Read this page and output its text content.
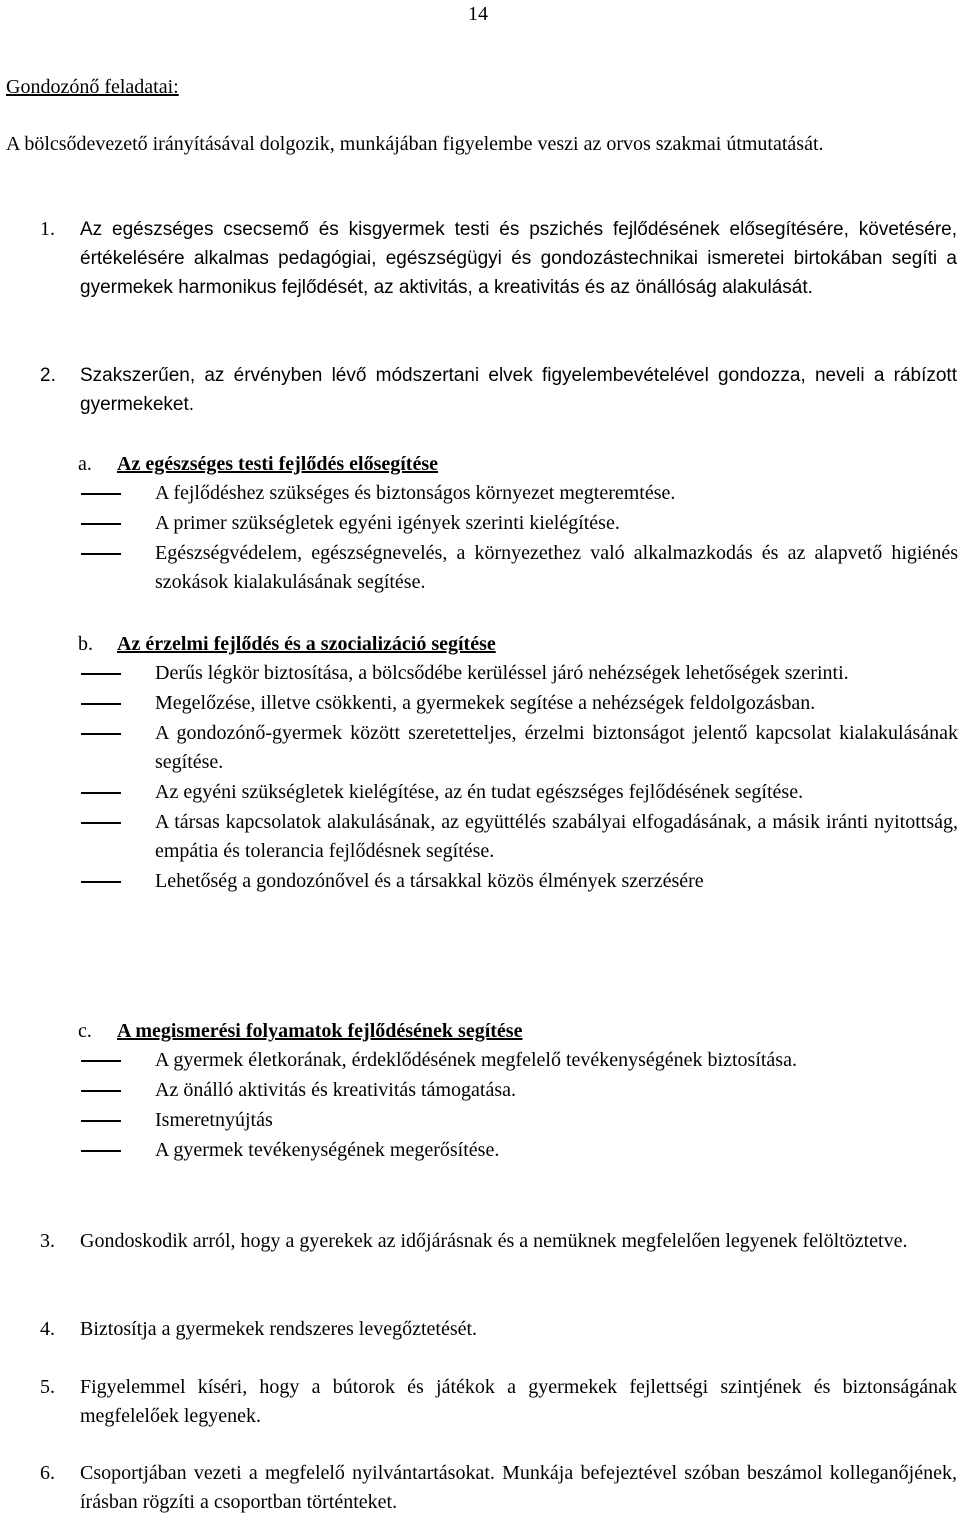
14
Gondozónő feladatai:
A bölcsődevezető irányításával dolgozik, munkájában figyelembe veszi az orvos szakmai útmutatását.
1. Az egészséges csecsemő és kisgyermek testi és pszichés fejlődésének elősegítésére, követésére, értékelésére alkalmas pedagógiai, egészségügyi és gondozástechnikai ismeretei birtokában segíti a gyermekek harmonikus fejlődését, az aktivitás, a kreativitás és az önállóság alakulását.
2. Szakszerűen, az érvényben lévő módszertani elvek figyelembevételével gondozza, neveli a rábízott gyermekeket.
a. Az egészséges testi fejlődés elősegítése
A fejlődéshez szükséges és biztonságos környezet megteremtése.
A primer szükségletek egyéni igények szerinti kielégítése.
Egészségvédelem, egészségnevelés, a környezethez való alkalmazkodás és az alapvető higiénés szokások kialakulásának segítése.
b. Az érzelmi fejlődés és a szocializáció segítése
Derűs légkör biztosítása, a bölcsődébe kerüléssel járó nehézségek lehetőségek szerinti.
Megelőzése, illetve csökkenti, a gyermekek segítése a nehézségek feldolgozásban.
A gondozónő-gyermek között szeretetteljes, érzelmi biztonságot jelentő kapcsolat kialakulásának segítése.
Az egyéni szükségletek kielégítése, az én tudat egészséges fejlődésének segítése.
A társas kapcsolatok alakulásának, az együttélés szabályai elfogadásának, a másik iránti nyitottság, empátia és tolerancia fejlődésnek segítése.
Lehetőség a gondozónővel és a társakkal közös élmények szerzésére
c. A megismerési folyamatok fejlődésének segítése
A gyermek életkorának, érdeklődésének megfelelő tevékenységének biztosítása.
Az önálló aktivitás és kreativitás támogatása.
Ismeretnyújtás
A gyermek tevékenységének megerősítése.
3. Gondoskodik arról, hogy a gyerekek az időjárásnak és a nemüknek megfelelően legyenek felöltöztetve.
4. Biztosítja a gyermekek rendszeres levegőztetését.
5. Figyelemmel kíséri, hogy a bútorok és játékok a gyermekek fejlettségi szintjének és biztonságának megfelelőek legyenek.
6. Csoportjában vezeti a megfelelő nyilvántartásokat. Munkája befejeztével szóban beszámol kolleganőjének, írásban rögzíti a csoportban történteket.
